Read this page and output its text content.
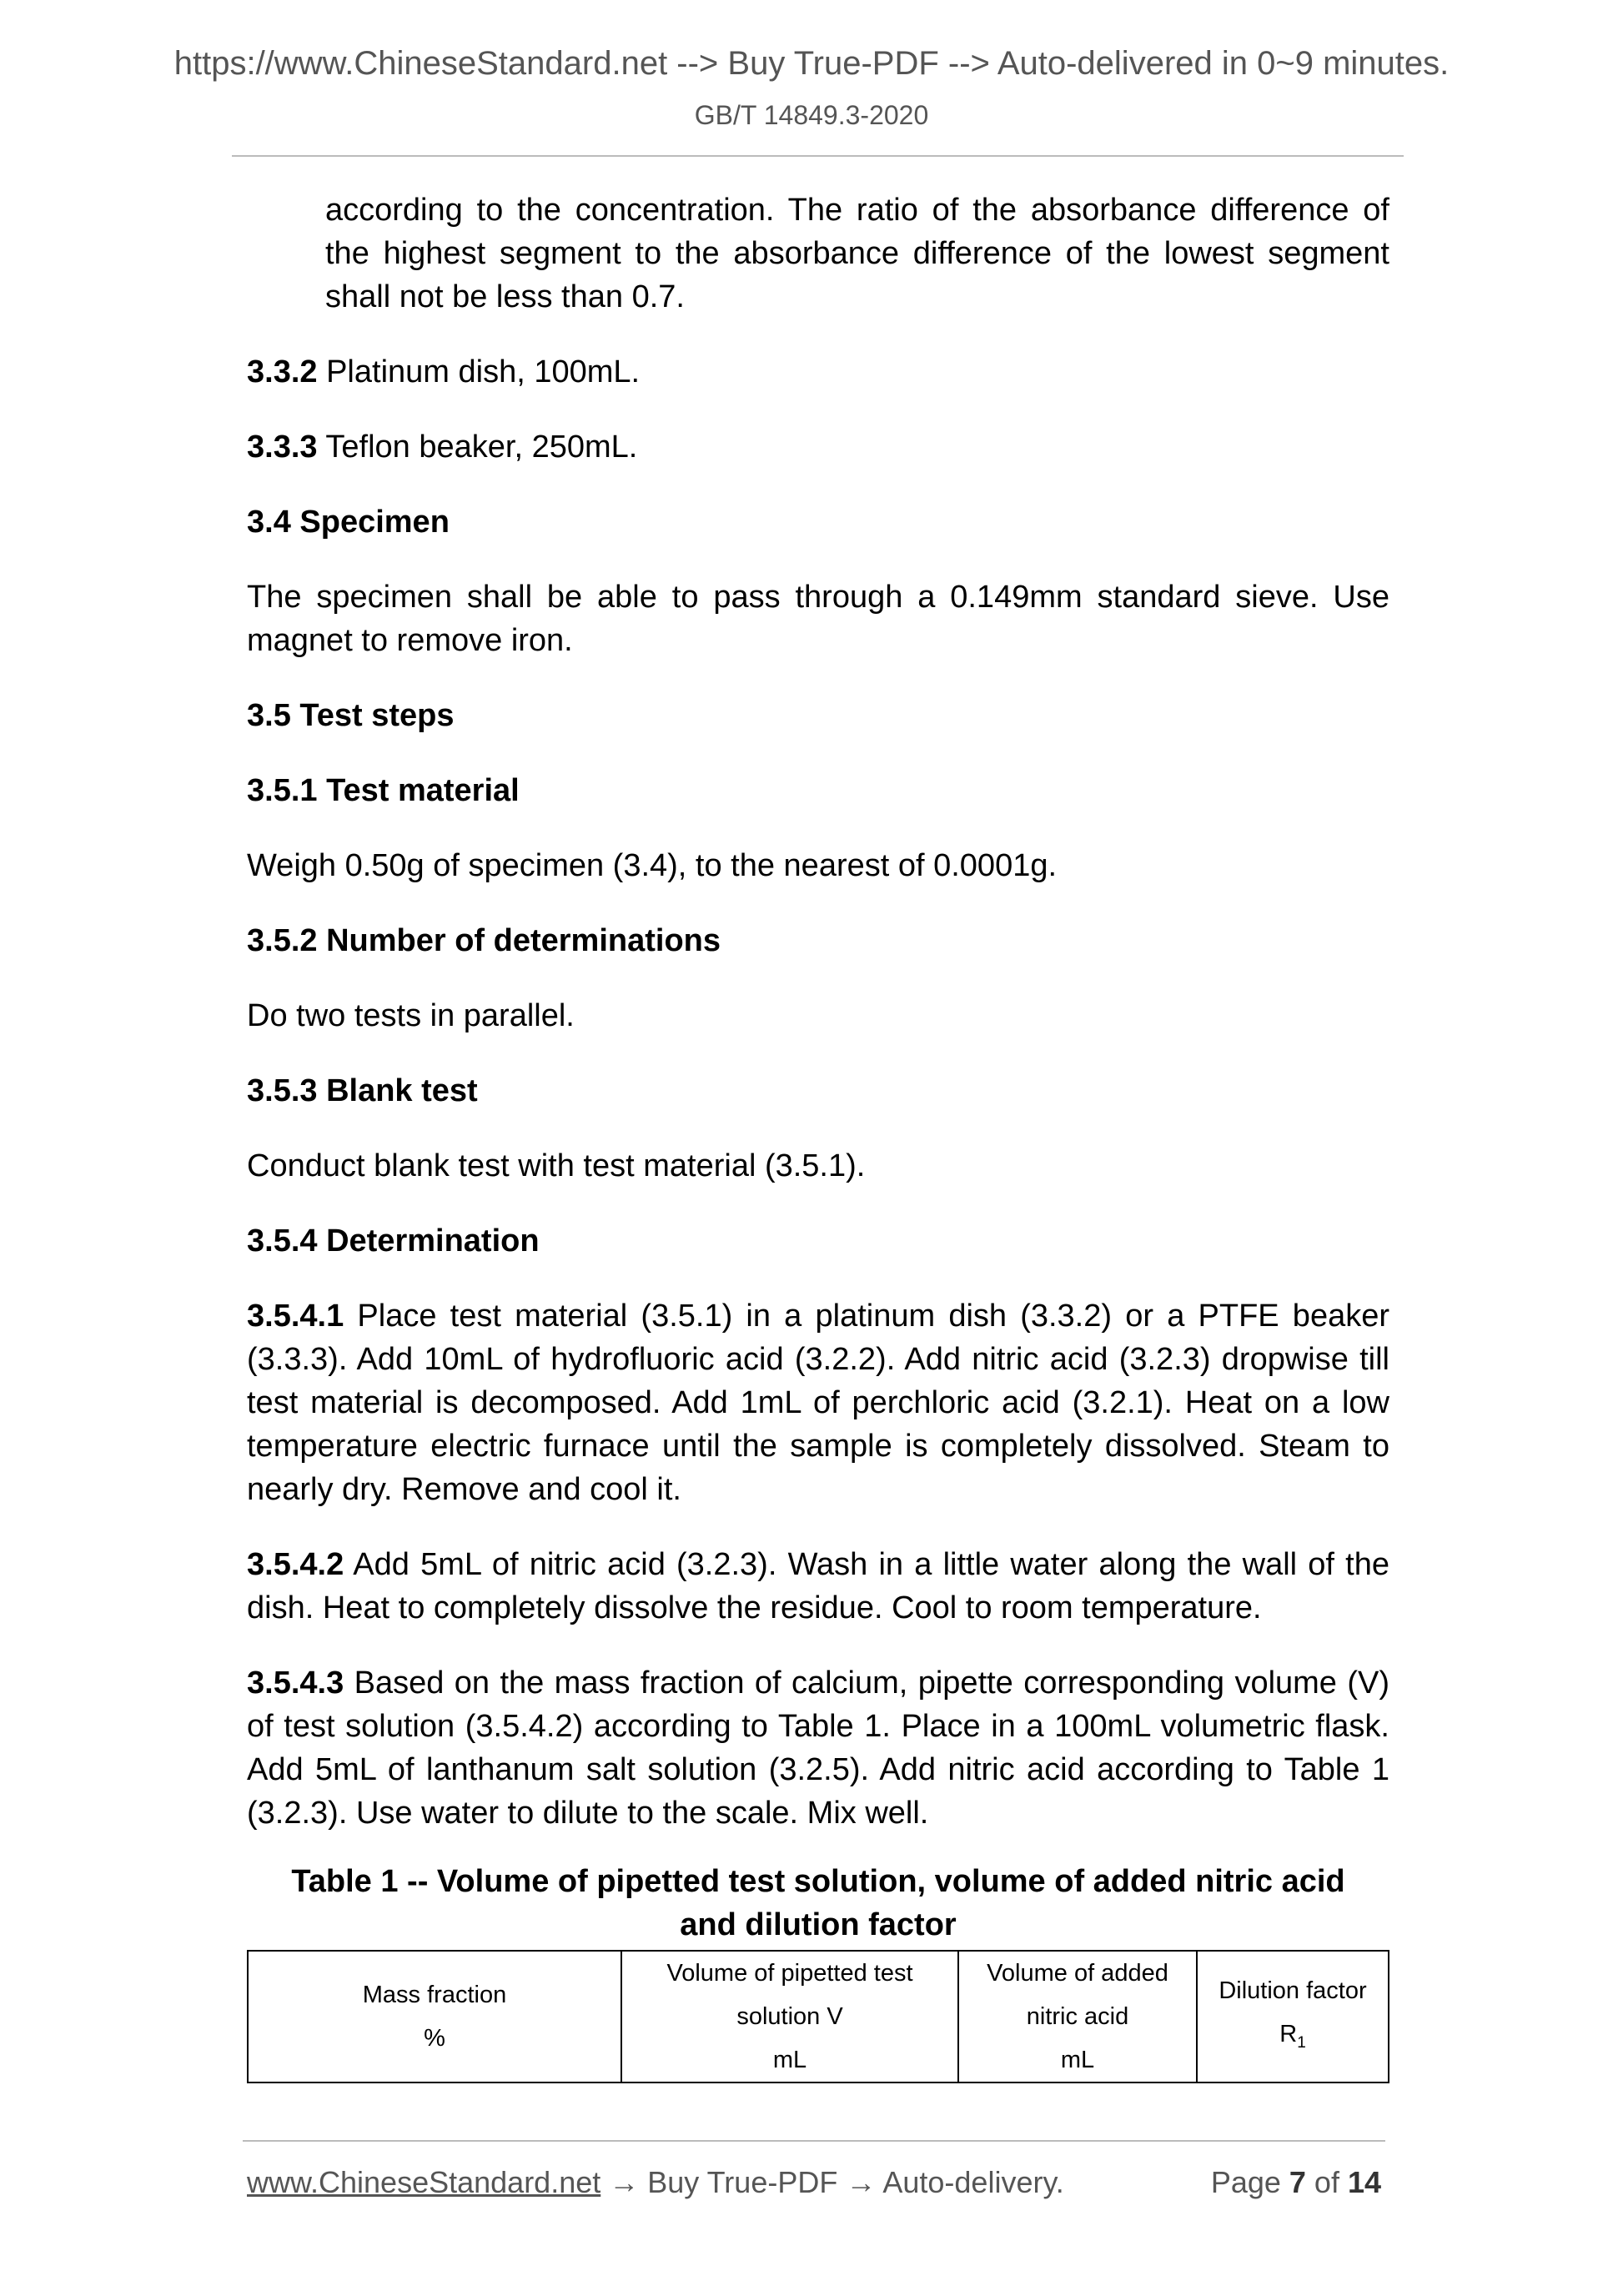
https://www.ChineseStandard.net --> Buy True-PDF --> Auto-delivered in 0~9 minutes.
GB/T 14849.3-2020

according to the concentration. The ratio of the absorbance difference of the highest segment to the absorbance difference of the lowest segment shall not be less than 0.7.

3.3.2 Platinum dish, 100mL.

3.3.3 Teflon beaker, 250mL.

3.4 Specimen

The specimen shall be able to pass through a 0.149mm standard sieve. Use magnet to remove iron.

3.5 Test steps
3.5.1 Test material

Weigh 0.50g of specimen (3.4), to the nearest of 0.0001g.

3.5.2 Number of determinations

Do two tests in parallel.

3.5.3 Blank test

Conduct blank test with test material (3.5.1).

3.5.4 Determination

3.5.4.1 Place test material (3.5.1) in a platinum dish (3.3.2) or a PTFE beaker (3.3.3). Add 10mL of hydrofluoric acid (3.2.2). Add nitric acid (3.2.3) dropwise till test material is decomposed. Add 1mL of perchloric acid (3.2.1). Heat on a low temperature electric furnace until the sample is completely dissolved. Steam to nearly dry. Remove and cool it.

3.5.4.2 Add 5mL of nitric acid (3.2.3). Wash in a little water along the wall of the dish. Heat to completely dissolve the residue. Cool to room temperature.

3.5.4.3 Based on the mass fraction of calcium, pipette corresponding volume (V) of test solution (3.5.4.2) according to Table 1. Place in a 100mL volumetric flask. Add 5mL of lanthanum salt solution (3.2.5). Add nitric acid according to Table 1 (3.2.3). Use water to dilute to the scale. Mix well.

Table 1 -- Volume of pipetted test solution, volume of added nitric acid
and dilution factor
Mass fraction
%

Volume of pipetted test
solution V
mL

Volume of added
nitric acid
mL

Dilution factor
$R_1$
www.ChineseStandard.net → Buy True-PDF → Auto-delivery.	Page 7 of 14
